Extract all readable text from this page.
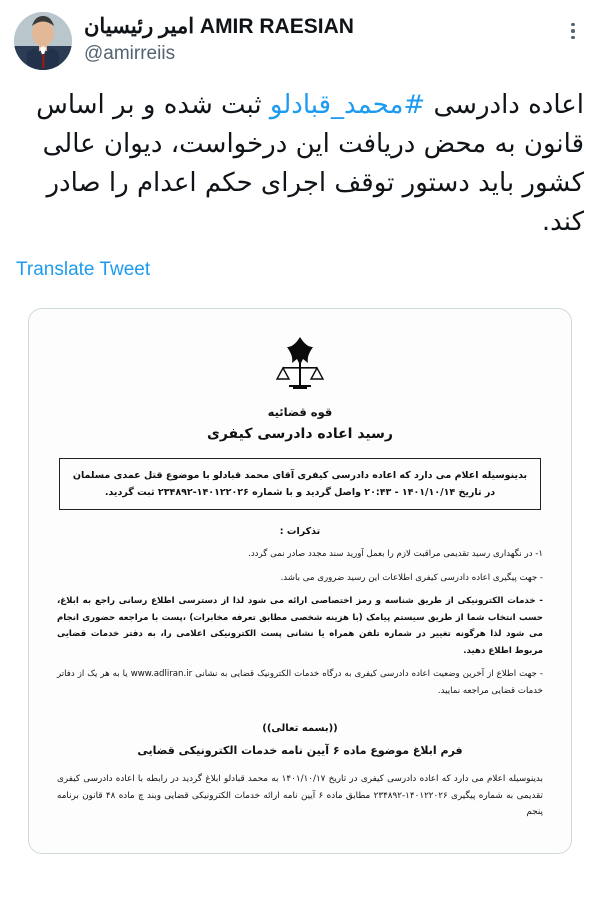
امیر رئیسیان AMIR RAESIAN
@amirreiis
اعاده دادرسی #محمد_قبادلو ثبت شده و بر اساس قانون به محض دریافت این درخواست، دیوان عالی کشور باید دستور توقف اجرای حکم اعدام را صادر کند.
Translate Tweet
قوه قضائیه
رسید اعاده دادرسی کیفری
بدینوسیله اعلام می دارد که اعاده دادرسی کیفری آقای محمد قبادلو با موضوع قتل عمدی مسلمان در تاریخ ۱۴۰۱/۱۰/۱۴ - ۲۰:۴۳ واصل گردید و با شماره ۱۴۰۱۲۲۰۲۶-۲۳۴۸۹۲ ثبت گردید.
تذکرات :

۱- در نگهداری رسید تقدیمی مراقبت لازم را بعمل آورید سند مجدد صادر نمی گردد.

- جهت پیگیری اعاده دادرسی کیفری اطلاعات این رسید ضروری می باشد.

- خدمات الکترونیکی از طریق شناسه و رمز اختصاصی ارائه می شود لذا از دسترسی اطلاع رسانی راجع به ابلاغ، حسب انتخاب شما از طریق سیستم پیامک (با هزینه شخصی مطابق تعرفه مخابرات) ،پست با مراجعه حضوری انجام می شود لذا هرگونه تغییر در شماره تلفن همراه یا نشانی پست الکترونیکی اعلامی را، به دفتر خدمات قضایی مربوط اطلاع دهید.

- جهت اطلاع از آخرین وضعیت اعاده دادرسی کیفری به درگاه خدمات الکترونیک قضایی به نشانی www.adliran.ir یا به هر یک از دفاتر خدمات قضایی مراجعه نمایید.

((بسمه تعالی))
فرم ابلاغ موضوع ماده ۶ آیین نامه خدمات الکترونیکی قضایی

بدینوسیله اعلام می دارد که اعاده دادرسی کیفری در تاریخ ۱۴۰۱/۱۰/۱۷ به محمد قبادلو ابلاغ گردید در رابطه با اعاده دادرسی کیفری تقدیمی به شماره پیگیری ۱۴۰۱۲۲۰۲۶-۲۳۴۸۹۲ مطابق ماده ۶ آیین نامه ارائه خدمات الکترونیکی قضایی وبند چ ماده ۴۸ قانون برنامه پنجم
